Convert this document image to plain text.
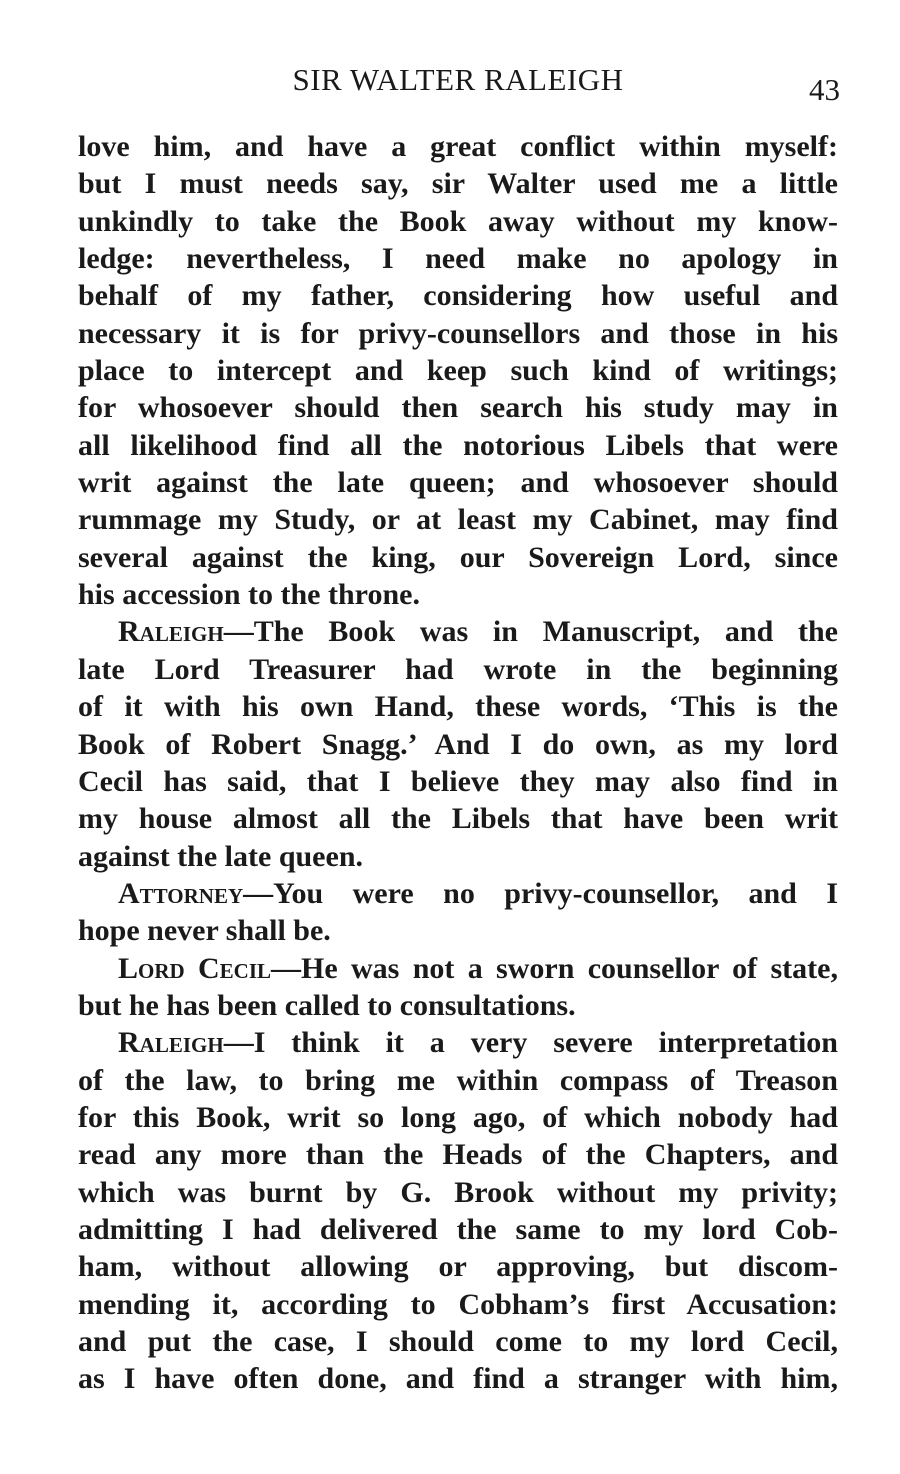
SIR WALTER RALEIGH	43
love him, and have a great conflict within myself:
but I must needs say, sir Walter used me a little
unkindly to take the Book away without my know-
ledge: nevertheless, I need make no apology in
behalf of my father, considering how useful and
necessary it is for privy-counsellors and those in his
place to intercept and keep such kind of writings;
for whosoever should then search his study may in
all likelihood find all the notorious Libels that were
writ against the late queen; and whosoever should
rummage my Study, or at least my Cabinet, may find
several against the king, our Sovereign Lord, since
his accession to the throne.
Raleigh—The Book was in Manuscript, and the
late Lord Treasurer had wrote in the beginning
of it with his own Hand, these words, ‘This is the
Book of Robert Snagg.’ And I do own, as my lord
Cecil has said, that I believe they may also find in
my house almost all the Libels that have been writ
against the late queen.
Attorney—You were no privy-counsellor, and I
hope never shall be.
Lord Cecil—He was not a sworn counsellor of state,
but he has been called to consultations.
Raleigh—I think it a very severe interpretation
of the law, to bring me within compass of Treason
for this Book, writ so long ago, of which nobody had
read any more than the Heads of the Chapters, and
which was burnt by G. Brook without my privity;
admitting I had delivered the same to my lord Cob-
ham, without allowing or approving, but discom-
mending it, according to Cobham’s first Accusation:
and put the case, I should come to my lord Cecil,
as I have often done, and find a stranger with him,
